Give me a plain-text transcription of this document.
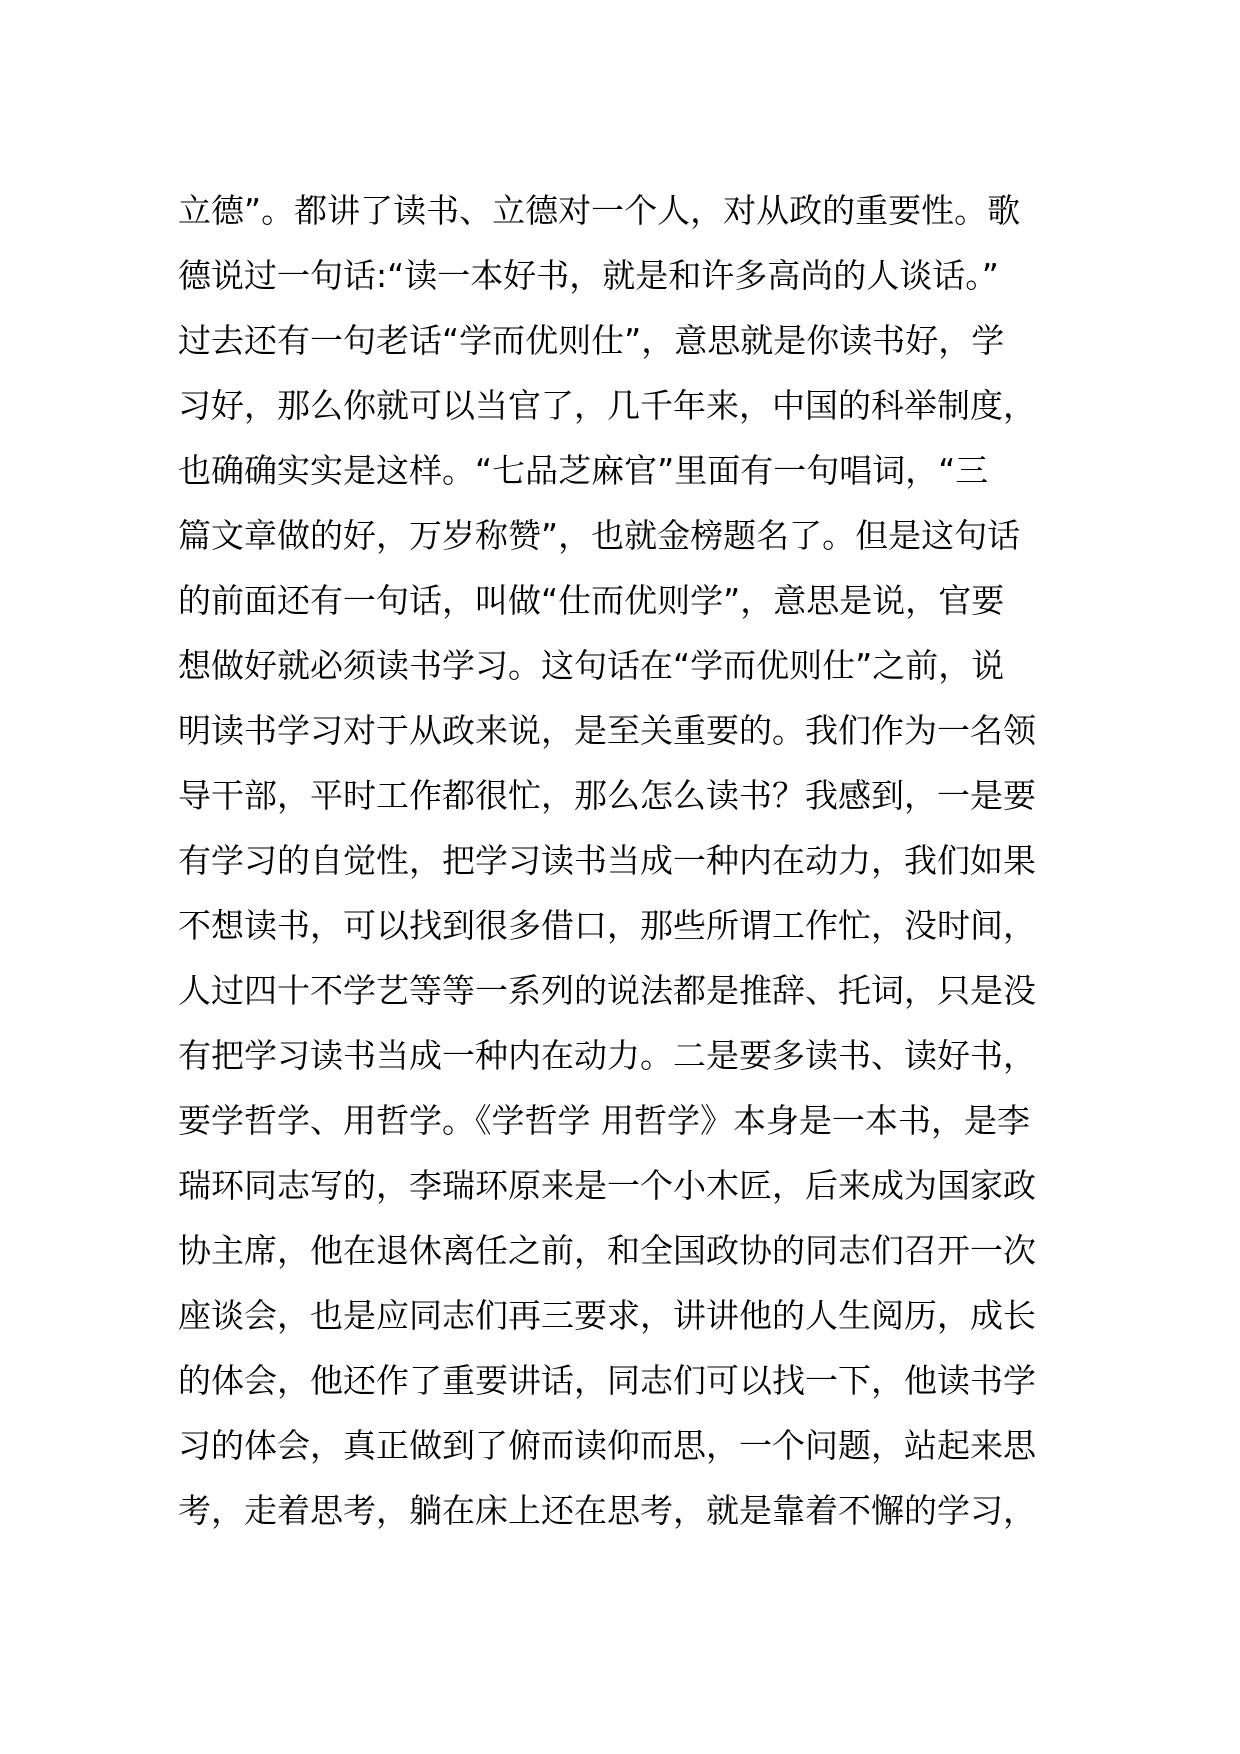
立德”。都讲了读书、立德对一个人，对从政的重要性。歌
德说过一句话:“读一本好书，就是和许多高尚的人谈话。”
过去还有一句老话“学而优则仕”，意思就是你读书好，学
习好，那么你就可以当官了，几千年来，中国的科举制度，
也确确实实是这样。“七品芝麻官”里面有一句唱词，“三
篇文章做的好，万岁称赞”，也就金榜题名了。但是这句话
的前面还有一句话，叫做“仕而优则学”，意思是说，官要
想做好就必须读书学习。这句话在“学而优则仕”之前，说
明读书学习对于从政来说，是至关重要的。我们作为一名领
导干部，平时工作都很忙，那么怎么读书？我感到，一是要
有学习的自觉性，把学习读书当成一种内在动力，我们如果
不想读书，可以找到很多借口，那些所谓工作忙，没时间，
人过四十不学艺等等一系列的说法都是推辞、托词，只是没
有把学习读书当成一种内在动力。二是要多读书、读好书，
要学哲学、用哲学。《学哲学 用哲学》本身是一本书，是李
瑞环同志写的，李瑞环原来是一个小木匠，后来成为国家政
协主席，他在退休离任之前，和全国政协的同志们召开一次
座谈会，也是应同志们再三要求，讲讲他的人生阅历，成长
的体会，他还作了重要讲话，同志们可以找一下，他读书学
习的体会，真正做到了俯而读仰而思，一个问题，站起来思
考，走着思考，躺在床上还在思考，就是靠着不懈的学习，
